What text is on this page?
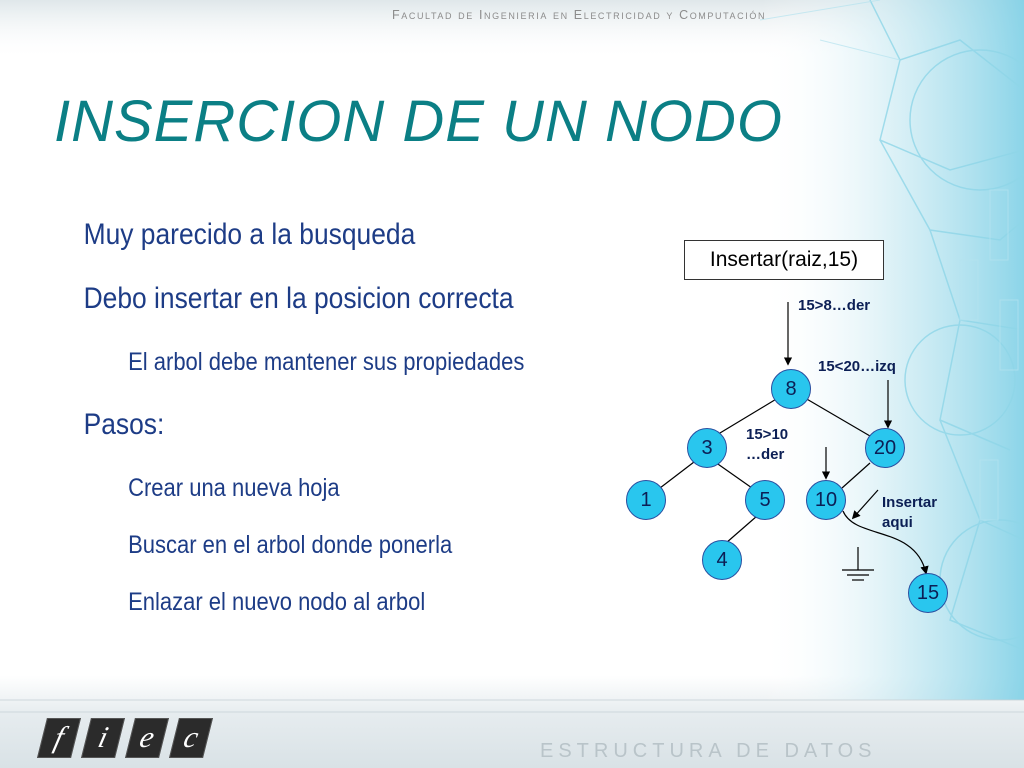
Facultad de Ingenieria en Electricidad y Computación
INSERCION DE UN NODO
Muy parecido a la busqueda
Debo insertar en la posicion correcta
El arbol debe mantener sus propiedades
Pasos:
Crear una nueva hoja
Buscar en el arbol donde ponerla
Enlazar el nuevo nodo al arbol
Insertar(raiz,15)
8
3	20
1	5	10
4
15
15>8…der
15<20…izq
15>10
…der
Insertar
aqui
f i e c	ESTRUCTURA DE DATOS
